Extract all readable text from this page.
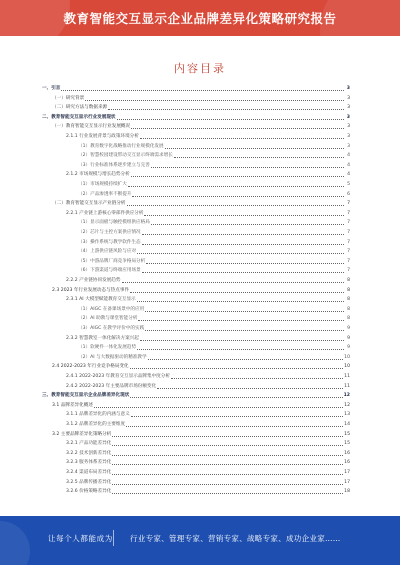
教育智能交互显示企业品牌差异化策略研究报告
内容目录
一、引言	3
（一）研究背景	3
（二）研究方法与数据来源	3
二、教育智能交互显示行业发展现状	3
（一）教育智能交互显示行业发展概况	3
2.1.1 行业发展背景与政策环境分析	3
（1）教育数字化战略推动行业规模化发展	3
（2）智慧校园建设带动交互显示终端需求增长	4
（3）行业标准体系逐步建立与完善	4
2.1.2 市场规模与增长趋势分析	4
（1）市场规模持续扩大	5
（2）产品渗透率不断提升	6
（二）教育智能交互显示产业链分析	7
2.2.1 产业链上游核心零部件供应分析	7
（1）显示面板与触控模组供应格局	7
（2）芯片与主控方案供应情况	7
（3）操作系统与教学软件生态	7
（4）上游供应链风险与应对	7
（5）中游品牌厂商竞争格局分析	7
（6）下游渠道与终端应用场景	7
2.2.2 产业链协同发展趋势	8
2.3 2023 年行业发展动态与热点事件	8
2.3.1 AI 大模型赋能教育交互显示	8
（1）AIGC 在备课场景中的应用	8
（2）AI 助教与课堂智能分析	8
（3）AIGC 在教学评价中的实践	9
2.3.2 智慧教室一体化解决方案兴起	9
（1）软硬件一体化发展趋势	9
（2）AI 与大数据驱动的精准教学	10
2.4 2022-2023 年行业竞争格局变化	10
2.4.1 2022-2023 年教育交互显示品牌集中度分析	11
2.4.2 2022-2023 年主要品牌市场份额变化	11
三、教育智能交互显示企业品牌差异化现状	12
3.1 品牌差异化概述	12
3.1.1 品牌差异化的内涵与意义	13
3.1.2 品牌差异化的主要维度	14
3.2 主要品牌差异化策略分析	15
3.2.1 产品功能差异化	15
3.2.2 技术创新差异化	16
3.2.3 服务体系差异化	16
3.2.4 渠道布局差异化	17
3.2.5 品牌传播差异化	17
3.2.6 价格策略差异化	18
让每个人都能成为 行业专家、管理专家、营销专家、战略专家、成功企业家……
